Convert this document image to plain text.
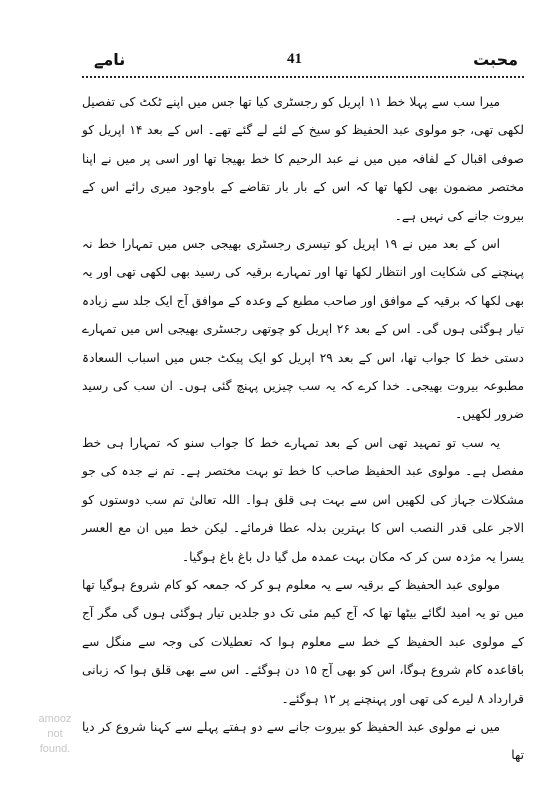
نامے	41	محبت

میرا سب سے پہلا خط ۱۱ اپریل کو رجسٹری کیا تھا جس میں اپنے ٹکٹ کی تفصیل لکھی تھی، جو مولوی عبد الحفیظ کو سیخ کے لئے لے گئے تھے۔ اس کے بعد ۱۴ اپریل کو صوفی اقبال کے لفافہ میں میں نے عبد الرحیم کا خط بھیجا تھا اور اسی پر میں نے اپنا مختصر مضمون بھی لکھا تھا کہ اس کے بار بار تقاضے کے باوجود میری رائے اس کے بیروت جانے کی نہیں ہے۔

اس کے بعد میں نے ۱۹ اپریل کو تیسری رجسٹری بھیجی جس میں تمہارا خط نہ پہنچنے کی شکایت اور انتظار لکھا تھا اور تمہارے برقیہ کی رسید بھی لکھی تھی اور یہ بھی لکھا کہ برقیہ کے موافق اور صاحب مطبع کے وعدہ کے موافق آج ایک جلد سے زیادہ تیار ہوگئی ہوں گی۔ اس کے بعد ۲۶ اپریل کو چوتھی رجسٹری بھیجی اس میں تمہارے دستی خط کا جواب تھا، اس کے بعد ۲۹ اپریل کو ایک پیکٹ جس میں اسباب السعادۃ مطبوعہ بیروت بھیجی۔ خدا کرے کہ یہ سب چیزیں پہنچ گئی ہوں۔ ان سب کی رسید ضرور لکھیں۔

یہ سب تو تمہید تھی اس کے بعد تمہارے خط کا جواب سنو کہ تمہارا ہی خط مفصل ہے۔ مولوی عبد الحفیظ صاحب کا خط تو بہت مختصر ہے۔ تم نے جدہ کی جو مشکلات جہاز کی لکھیں اس سے بہت ہی قلق ہوا۔ اللہ تعالیٰ تم سب دوستوں کو الاجر علی قدر النصب اس کا بہترین بدلہ عطا فرمائے۔ لیکن خط میں ان مع العسر یسرا یہ مژدہ سن کر کہ مکان بہت عمدہ مل گیا دل باغ باغ ہوگیا۔

مولوی عبد الحفیظ کے برقیہ سے یہ معلوم ہو کر کہ جمعہ کو کام شروع ہوگیا تھا میں تو یہ امید لگائے بیٹھا تھا کہ آج کیم مئی تک دو جلدیں تیار ہوگئی ہوں گی مگر آج کے مولوی عبد الحفیظ کے خط سے معلوم ہوا کہ تعطیلات کی وجہ سے منگل سے باقاعدہ کام شروع ہوگا، اس کو بھی آج ۱۵ دن ہوگئے۔ اس سے بھی قلق ہوا کہ زبانی قرارداد ۸ لیرے کی تھی اور پہنچنے پر ۱۲ ہوگئے۔

میں نے مولوی عبد الحفیظ کو بیروت جانے سے دو ہفتے پہلے سے کہنا شروع کر دیا تھا

amooz
not
found.
